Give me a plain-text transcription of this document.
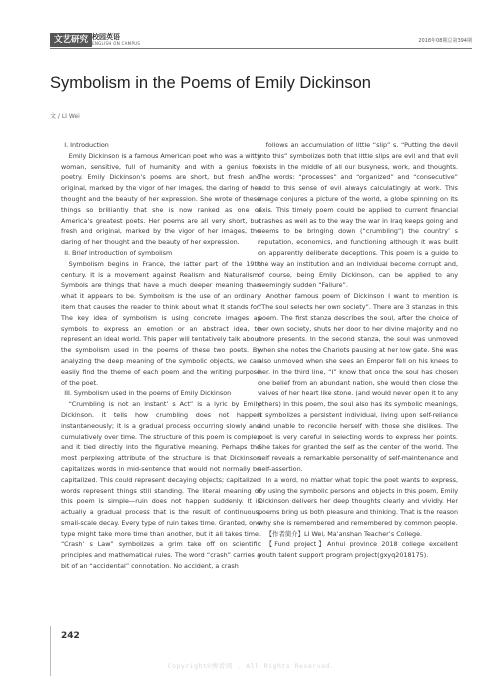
文艺研究 校园英语
ENGLISH ON CAMPUS	2018年08期总第394期
Symbolism in the Poems of Emily Dickinson
文 / LI Wei

I. Introduction

Emily Dickinson is a famous American poet who was a witty woman, sensitive, full of humanity and with a genius for poetry. Emily Dickinson’s poems are short, but fresh and original, marked by the vigor of her images, the daring of her thought and the beauty of her expression. She wrote of these things so brilliantly that she is now ranked as one of America’s greatest poets. Her poems are all very short, but fresh and original, marked by the vigor of her images, the daring of her thought and the beauty of her expression.

II. Brief introduction of symbolism

Symbolism begins in France, the latter part of the 19th century. It is a movement against Realism and Naturalism. Symbols are things that have a much deeper meaning than what it appears to be. Symbolism is the use of an ordinary item that causes the reader to think about what it stands for. The key idea of symbolism is using concrete images as symbols to express an emotion or an abstract idea, to represent an ideal world. This paper will tentatively talk about the symbolism used in the poems of these two poets. By analyzing the deep meaning of the symbolic objects, we can easily find the theme of each poem and the writing purpose of the poet.

III. Symbolism used in the poems of Emily Dickinson

“Crumbling is not an instant’ s Act” is a lyric by Emily Dickinson. It tells how crumbling does not happen instantaneously; it is a gradual process occurring slowly and cumulatively over time. The structure of this poem is complex and it tied directly into the figurative meaning. Perhaps the most perplexing attribute of the structure is that Dickinson capitalizes words in mid-sentence that would not normally be capitalized. This could represent decaying objects; capitalized words represent things still standing. The literal meaning of this poem is simple—ruin does not happen suddenly. It is actually a gradual process that is the result of continuous, small-scale decay. Every type of ruin takes time. Granted, one type might take more time than another, but it all takes time. “Crash’ s Law” symbolizes a grim take off on scientific principles and mathematical rules. The word “crash” carries a bit of an “accidental” connotation. No accident, a crash

follows an accumulation of little “slip” s. “Putting the devil into this” symbolizes both that little slips are evil and that evil exists in the middle of all our busyness, work, and thoughts. The words: “processes” and “organized” and “consecutive” add to this sense of evil always calculatingly at work. This image conjures a picture of the world, a globe spinning on its axis. This timely poem could be applied to current financial crashes as well as to the way the war in Iraq keeps going and seems to be bringing down (“crumbling”) the country’ s reputation, economics, and functioning although it was built on apparently deliberate deceptions. This poem is a guide to the way an institution and an individual become corrupt and, of course, being Emily Dickinson, can be applied to any seemingly sudden “Failure”.

Another famous poem of Dickinson I want to mention is “The soul selects her own society”. There are 3 stanzas in this poem. The first stanza describes the soul, after the choice of her own society, shuts her door to her divine majority and no more presents. In the second stanza, the soul was unmoved when she notes the Chariots pausing at her low gate. She was also unmoved when she sees an Emperor fell on his knees to her. In the third line, “I” know that once the soul has chosen one belief from an abundant nation, she would then close the valves of her heart like stone. (and would never open it to any others) In this poem, the soul also has its symbolic meanings, it symbolizes a persistent individual, living upon self-reliance and unable to reconcile herself with those she dislikes. The poet is very careful in selecting words to express her points. She takes for granted the self as the center of the world. The self reveals a remarkable personality of self-maintenance and self-assertion.

In a word, no matter what topic the poet wants to express, by using the symbolic persons and objects in this poem, Emily Dickinson delivers her deep thoughts clearly and vividly. Her poems bring us both pleasure and thinking. That is the reason why she is remembered and remembered by common people.

【作者简介】LI Wei, Ma’anshan Teacher’s College.

【Fund project】Anhui province 2018 college excellent youth talent support program project(gxyq2018175).

242
Copyright©博看网 . All Rights Reserved.
